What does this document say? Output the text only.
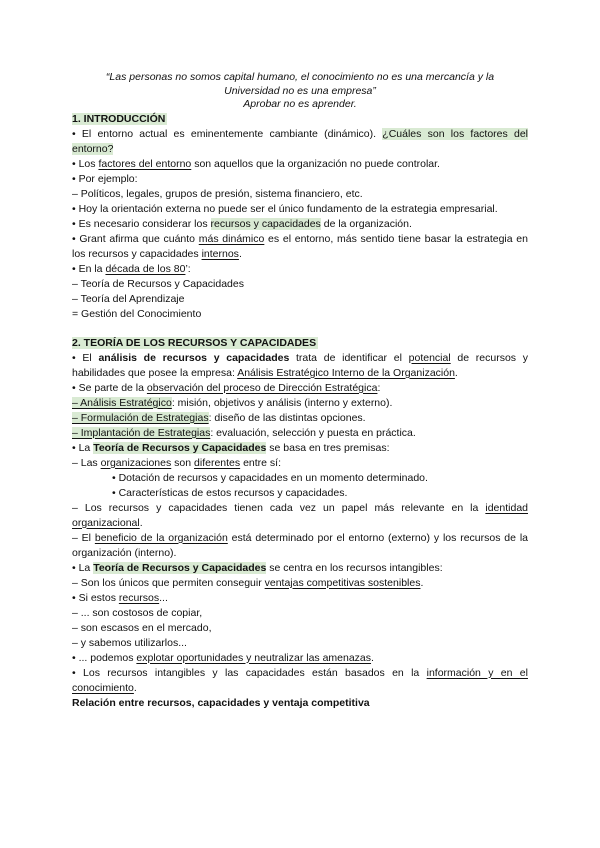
“Las personas no somos capital humano, el conocimiento no es una mercancía y la
Universidad no es una empresa”
Aprobar no es aprender.

1. INTRODUCCIÓN

• El entorno actual es eminentemente cambiante (dinámico). ¿Cuáles son los factores del entorno?

• Los factores del entorno son aquellos que la organización no puede controlar.

• Por ejemplo:

– Políticos, legales, grupos de presión, sistema financiero, etc.

• Hoy la orientación externa no puede ser el único fundamento de la estrategia empresarial.

• Es necesario considerar los recursos y capacidades de la organización.

• Grant afirma que cuánto más dinámico es el entorno, más sentido tiene basar la estrategia en los recursos y capacidades internos.

• En la década de los 80’:

– Teoría de Recursos y Capacidades

– Teoría del Aprendizaje

= Gestión del Conocimiento

2. TEORÍA DE LOS RECURSOS Y CAPACIDADES

• El análisis de recursos y capacidades trata de identificar el potencial de recursos y habilidades que posee la empresa: Análisis Estratégico Interno de la Organización.

• Se parte de la observación del proceso de Dirección Estratégica:

– Análisis Estratégico: misión, objetivos y análisis (interno y externo).

– Formulación de Estrategias: diseño de las distintas opciones.

– Implantación de Estrategias: evaluación, selección y puesta en práctica.

• La Teoría de Recursos y Capacidades se basa en tres premisas:

– Las organizaciones son diferentes entre sí:

• Dotación de recursos y capacidades en un momento determinado.

• Características de estos recursos y capacidades.

– Los recursos y capacidades tienen cada vez un papel más relevante en la identidad organizacional.

– El beneficio de la organización está determinado por el entorno (externo) y los recursos de la organización (interno).

• La Teoría de Recursos y Capacidades se centra en los recursos intangibles:

– Son los únicos que permiten conseguir ventajas competitivas sostenibles.

• Si estos recursos...

– ... son costosos de copiar,

– son escasos en el mercado,

– y sabemos utilizarlos...

• ... podemos explotar oportunidades y neutralizar las amenazas.

• Los recursos intangibles y las capacidades están basados en la información y en el conocimiento.

Relación entre recursos, capacidades y ventaja competitiva
